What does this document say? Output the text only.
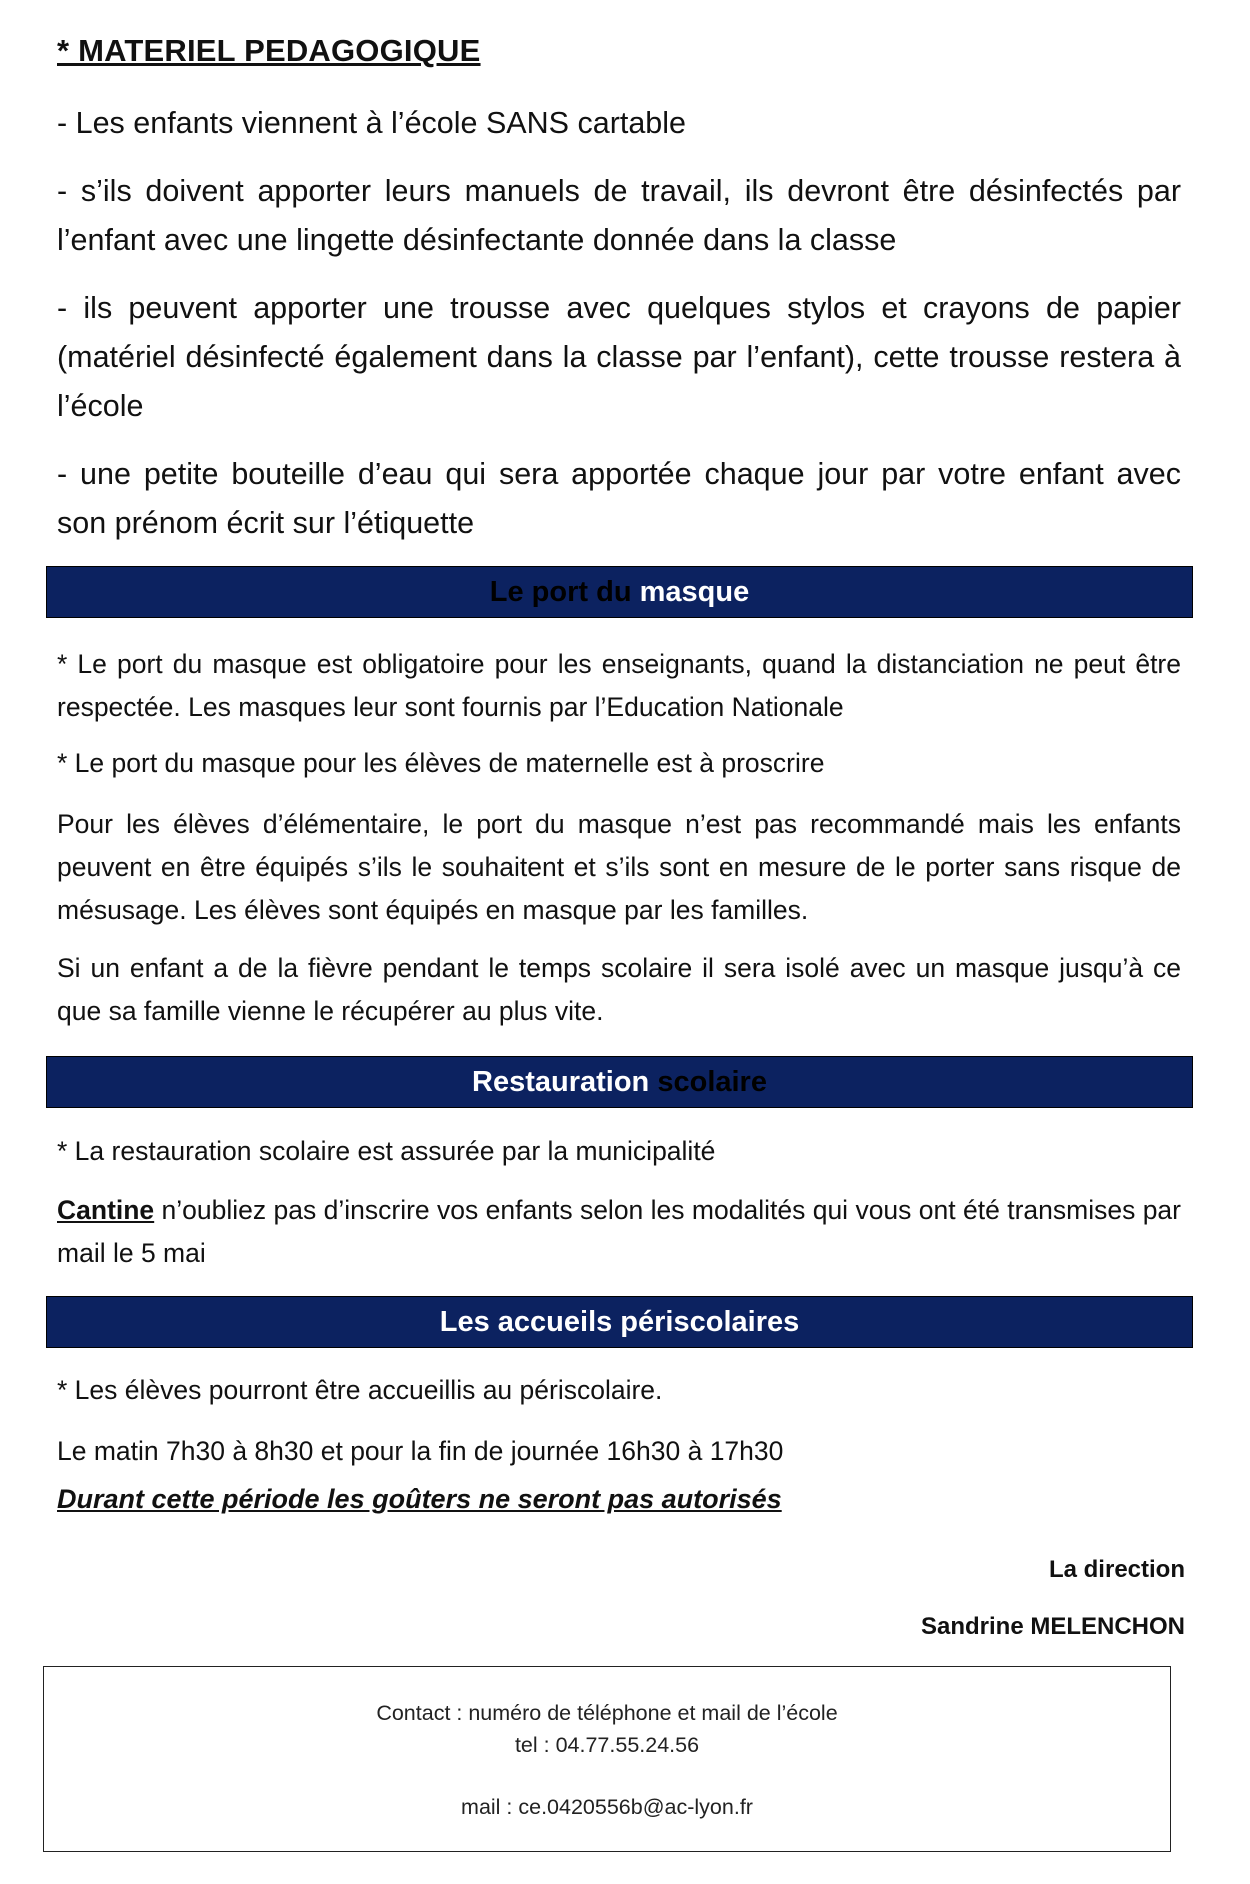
* MATERIEL PEDAGOGIQUE

- Les enfants viennent à l’école SANS cartable

- s’ils doivent apporter leurs manuels de travail, ils devront être désinfectés par l’enfant avec une lingette désinfectante donnée dans la classe

- ils peuvent apporter une trousse avec quelques stylos et crayons de papier (matériel désinfecté également dans la classe par l’enfant), cette trousse restera à l’école

- une petite bouteille d’eau qui sera apportée chaque jour par votre enfant avec son prénom écrit sur l’étiquette

Le port du masque

* Le port du masque est obligatoire pour les enseignants, quand la distanciation ne peut être respectée. Les masques leur sont fournis par l’Education Nationale

* Le port du masque pour les élèves de maternelle est à proscrire

Pour les élèves d’élémentaire, le port du masque n’est pas recommandé mais les enfants peuvent en être équipés s’ils le souhaitent et s’ils sont en mesure de le porter sans risque de mésusage. Les élèves sont équipés en masque par les familles.

Si un enfant a de la fièvre pendant le temps scolaire il sera isolé avec un masque jusqu’à ce que sa famille vienne le récupérer au plus vite.

Restauration scolaire

* La restauration scolaire est assurée par la municipalité

Cantine n’oubliez pas d’inscrire vos enfants selon les modalités qui vous ont été transmises par mail le 5 mai

Les accueils périscolaires

* Les élèves pourront être accueillis au périscolaire.

Le matin 7h30 à 8h30 et pour la fin de journée 16h30 à 17h30

Durant cette période les goûters ne seront pas autorisés
La direction
Sandrine MELENCHON
Contact : numéro de téléphone et mail de l’école
tel : 04.77.55.24.56
mail : ce.0420556b@ac-lyon.fr
